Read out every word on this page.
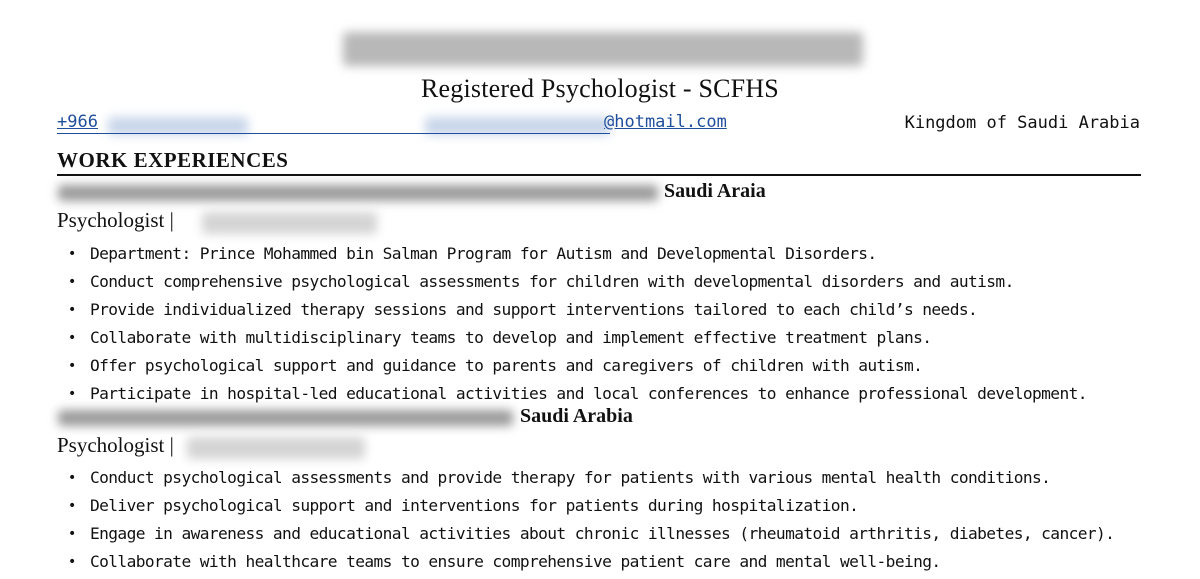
Registered Psychologist - SCFHS
+966	@hotmail.com	Kingdom of Saudi Arabia
WORK EXPERIENCES
Saudi Araia
Psychologist |
• Department: Prince Mohammed bin Salman Program for Autism and Developmental Disorders.
• Conduct comprehensive psychological assessments for children with developmental disorders and autism.
• Provide individualized therapy sessions and support interventions tailored to each child’s needs.
• Collaborate with multidisciplinary teams to develop and implement effective treatment plans.
• Offer psychological support and guidance to parents and caregivers of children with autism.
• Participate in hospital-led educational activities and local conferences to enhance professional development.
Saudi Arabia
Psychologist |
• Conduct psychological assessments and provide therapy for patients with various mental health conditions.
• Deliver psychological support and interventions for patients during hospitalization.
• Engage in awareness and educational activities about chronic illnesses (rheumatoid arthritis, diabetes, cancer).
• Collaborate with healthcare teams to ensure comprehensive patient care and mental well-being.
